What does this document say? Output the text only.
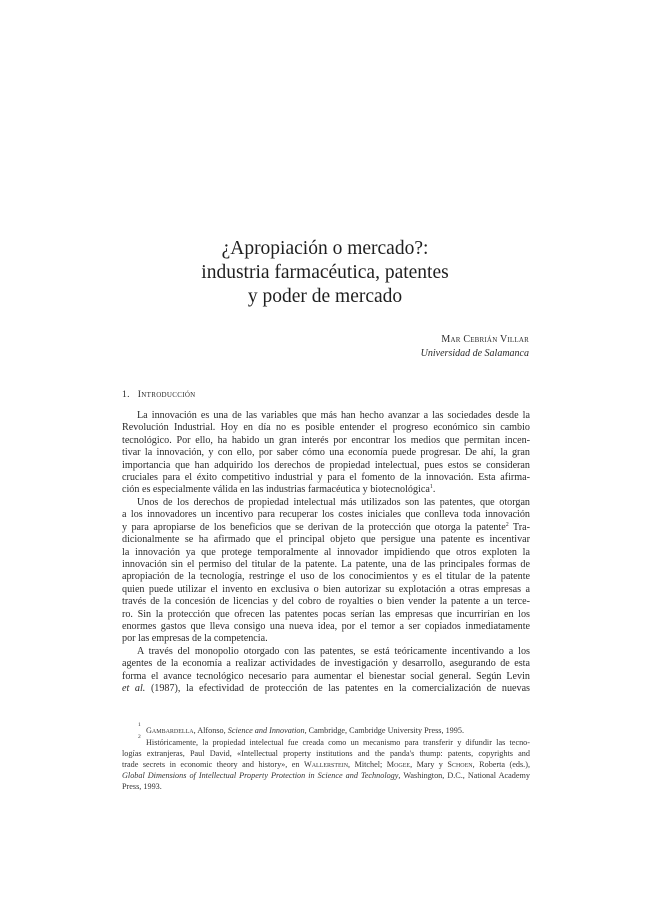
¿Apropiación o mercado?:
industria farmacéutica, patentes
y poder de mercado
Mar Cebrián Villar
Universidad de Salamanca
1. Introducción
La innovación es una de las variables que más han hecho avanzar a las sociedades desde la
Revolución Industrial. Hoy en día no es posible entender el progreso económico sin cambio
tecnológico. Por ello, ha habido un gran interés por encontrar los medios que permitan incen-
tivar la innovación, y con ello, por saber cómo una economía puede progresar. De ahí, la gran
importancia que han adquirido los derechos de propiedad intelectual, pues estos se consideran
cruciales para el éxito competitivo industrial y para el fomento de la innovación. Esta afirma-
ción es especialmente válida en las industrias farmacéutica y biotecnológica$^1$.
Unos de los derechos de propiedad intelectual más utilizados son las patentes, que otorgan
a los innovadores un incentivo para recuperar los costes iniciales que conlleva toda innovación
y para apropiarse de los beneficios que se derivan de la protección que otorga la patente$^2$ Tra-
dicionalmente se ha afirmado que el principal objeto que persigue una patente es incentivar
la innovación ya que protege temporalmente al innovador impidiendo que otros exploten la
innovación sin el permiso del titular de la patente. La patente, una de las principales formas de
apropiación de la tecnología, restringe el uso de los conocimientos y es el titular de la patente
quien puede utilizar el invento en exclusiva o bien autorizar su explotación a otras empresas a
través de la concesión de licencias y del cobro de royalties o bien vender la patente a un terce-
ro. Sin la protección que ofrecen las patentes pocas serían las empresas que incurrirían en los
enormes gastos que lleva consigo una nueva idea, por el temor a ser copiados inmediatamente
por las empresas de la competencia.
A través del monopolio otorgado con las patentes, se está teóricamente incentivando a los
agentes de la economía a realizar actividades de investigación y desarrollo, asegurando de esta
forma el avance tecnológico necesario para aumentar el bienestar social general. Según Levin
et al. (1987), la efectividad de protección de las patentes en la comercialización de nuevas
1
Gambardella, Alfonso, Science and Innovation, Cambridge, Cambridge University Press, 1995.
2
Históricamente, la propiedad intelectual fue creada como un mecanismo para transferir y difundir las tecno-
logías extranjeras, Paul David, «Intellectual property institutions and the panda's thump: patents, copyrights and
trade secrets in economic theory and history», en Wallerstein, Mitchel; Mogee, Mary y Schoen, Roberta (eds.),
Global Dimensions of Intellectual Property Protection in Science and Technology, Washington, D.C., National Academy
Press, 1993.
